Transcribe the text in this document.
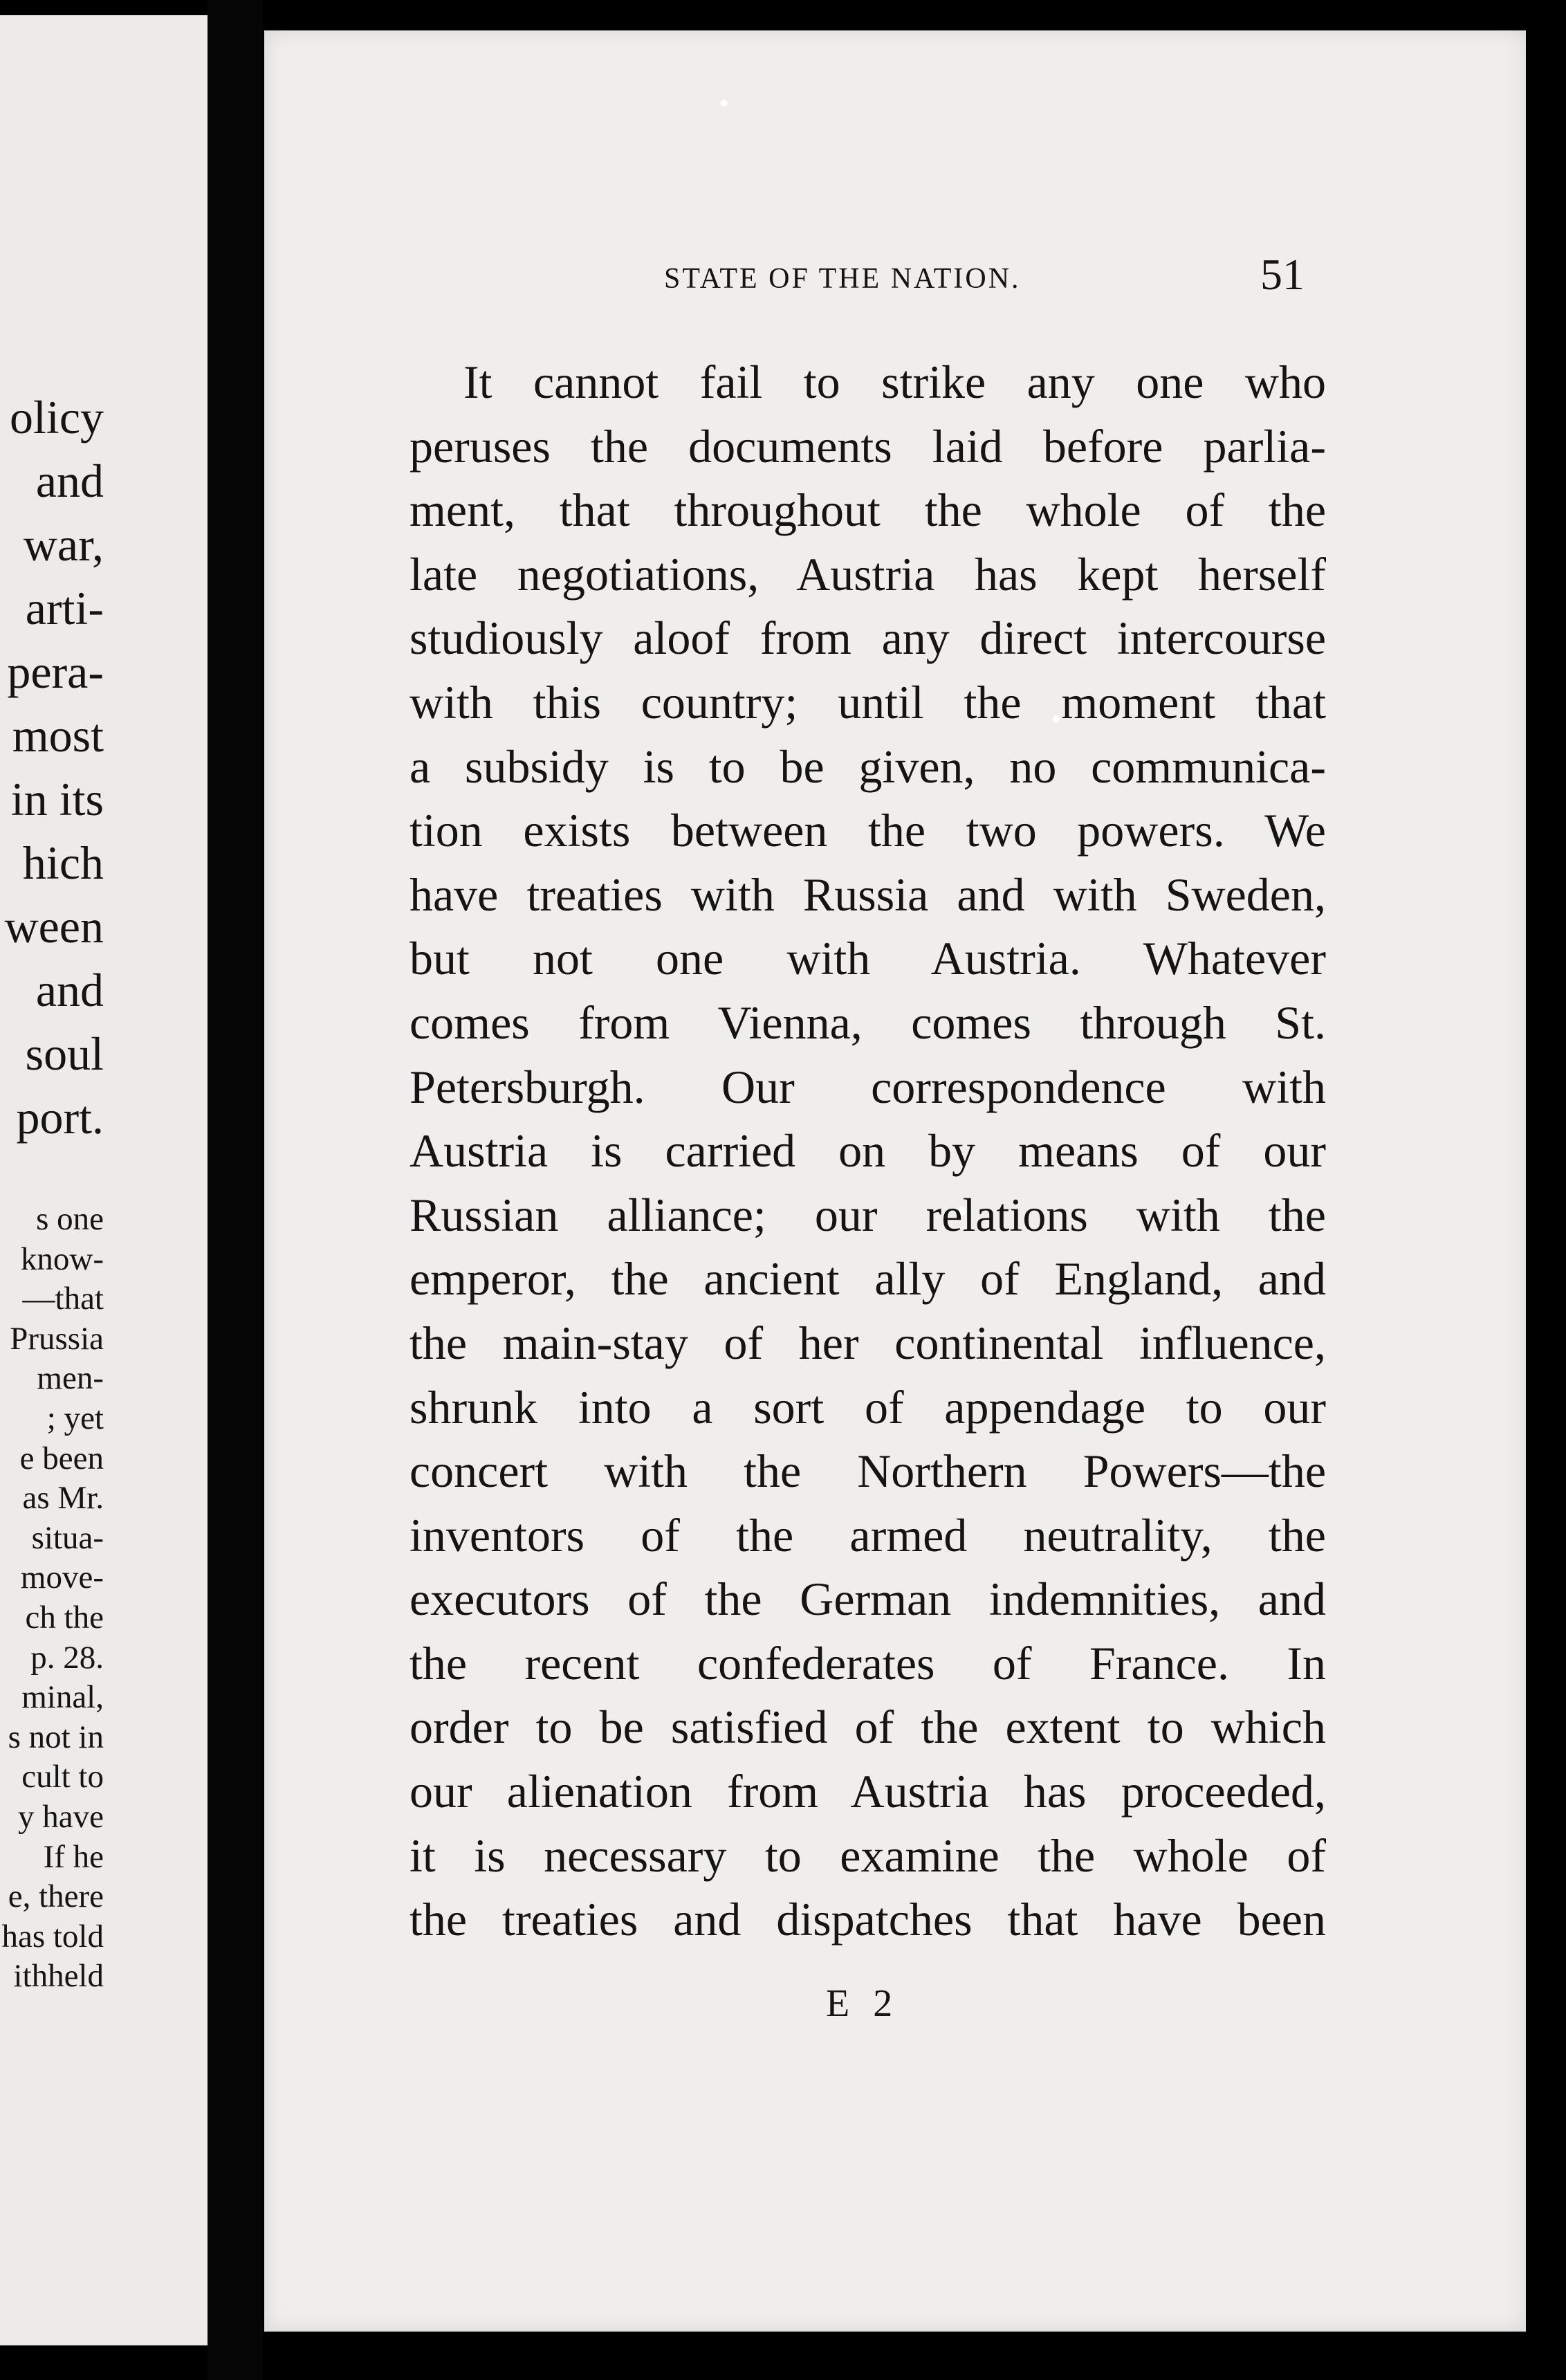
olicy
and
war,
arti-
pera-
most
in its
hich
ween
and
soul
port.
s one
know-
—that
Prussia
men-
; yet
e been
as Mr.
situa-
move-
ch the
p. 28.
minal,
s not in
cult to
y have
If he
e, there
has told
ithheld
STATE OF THE NATION.	51
It cannot fail to strike any one who
peruses the documents laid before parlia-
ment, that throughout the whole of the
late negotiations, Austria has kept herself
studiously aloof from any direct intercourse
with this country; until the moment that
a subsidy is to be given, no communica-
tion exists between the two powers. We
have treaties with Russia and with Sweden,
but not one with Austria. Whatever
comes from Vienna, comes through St.
Petersburgh. Our correspondence with
Austria is carried on by means of our
Russian alliance; our relations with the
emperor, the ancient ally of England, and
the main-stay of her continental influence,
shrunk into a sort of appendage to our
concert with the Northern Powers—the
inventors of the armed neutrality, the
executors of the German indemnities, and
the recent confederates of France. In
order to be satisfied of the extent to which
our alienation from Austria has proceeded,
it is necessary to examine the whole of
the treaties and dispatches that have been
E 2
